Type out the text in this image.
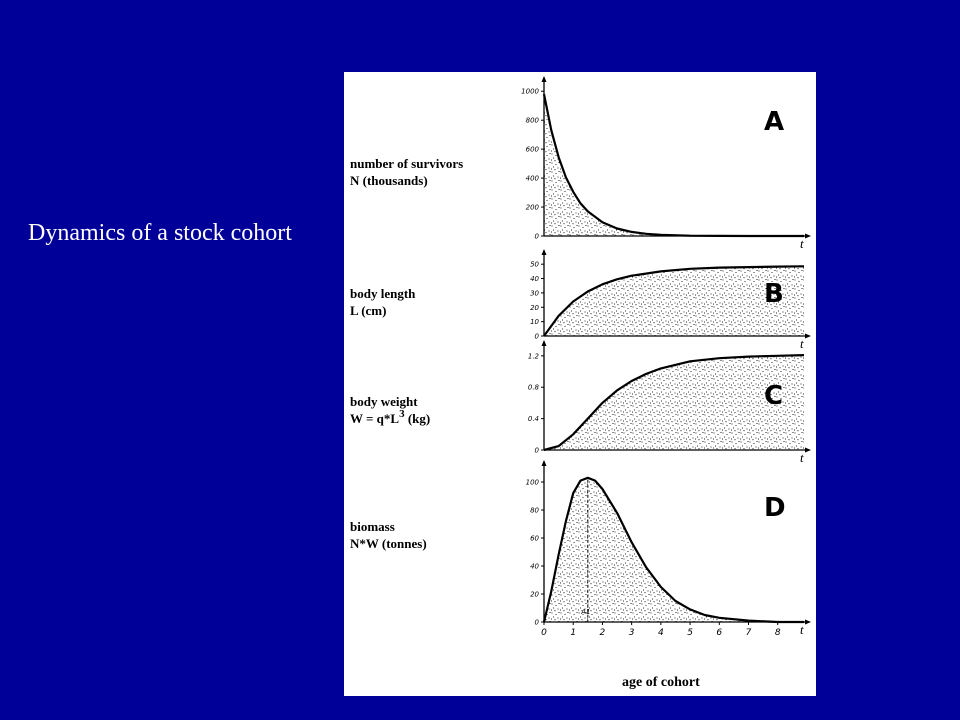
Dynamics of a stock cohort	t
0
200
400
600
800
1000
A
number of survivors
N (thousands)
t
0
10
20
30
40
50
B
body length
L (cm)
t
0
0.4
0.8
1.2
C
body weight
$W = q*L^3$ (kg)
t
0
20
40
60
80
100
D
biomass
N*W (tonnes)
0	1	2	3	4	5	6	7	8
A1
age of cohort
